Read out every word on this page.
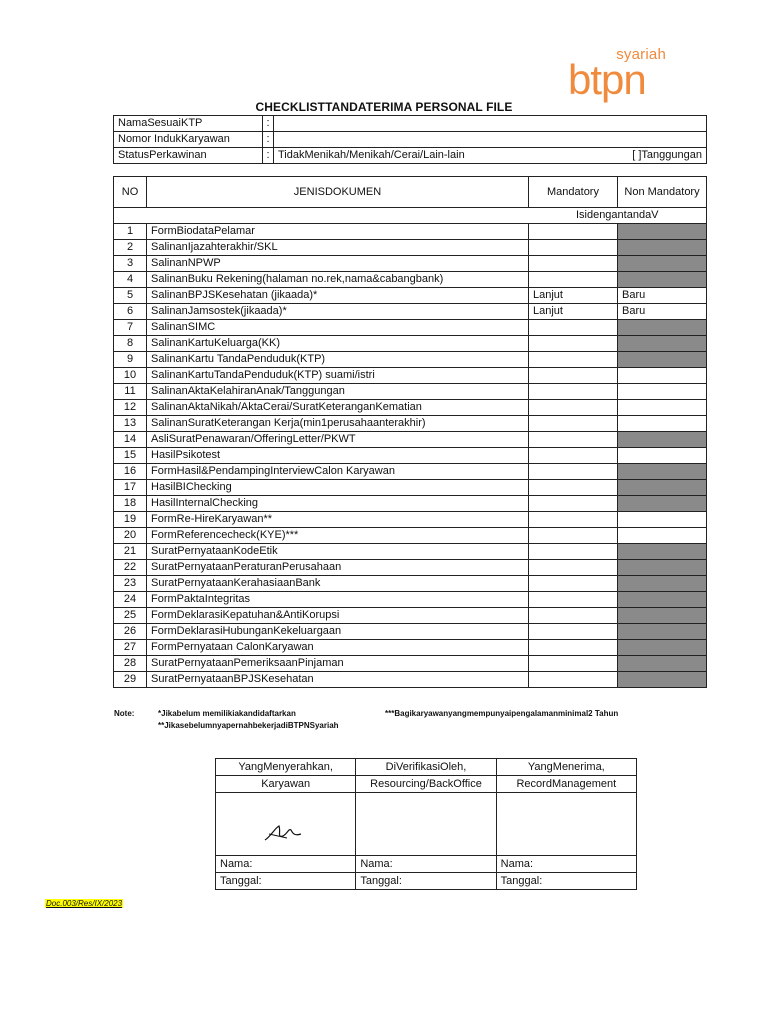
syariah
btpn
CHECKLISTTANDATERIMA PERSONAL FILE
NamaSesuaiKTP	:	
Nomor IndukKaryawan	:	
StatusPerkawinan	:	TidakMenikah/Menikah/Cerai/Lain-lain [ ]Tanggungan
NO	JENISDOKUMEN	Mandatory	Non Mandatory
		IsidengantandaV	
1	FormBiodataPelamar		
2	SalinanIjazahterakhir/SKL		
3	SalinanNPWP		
4	SalinanBuku Rekening(halaman no.rek,nama&cabangbank)		
5	SalinanBPJSKesehatan (jikaada)*	Lanjut	Baru
6	SalinanJamsostek(jikaada)*	Lanjut	Baru
7	SalinanSIMC		
8	SalinanKartuKeluarga(KK)		
9	SalinanKartu TandaPenduduk(KTP)		
10	SalinanKartuTandaPenduduk(KTP) suami/istri		
11	SalinanAktaKelahiranAnak/Tanggungan		
12	SalinanAktaNikah/AktaCerai/SuratKeteranganKematian		
13	SalinanSuratKeterangan Kerja(min1perusahaanterakhir)		
14	AsliSuratPenawaran/OfferingLetter/PKWT		
15	HasilPsikotest		
16	FormHasil&PendampingInterviewCalon Karyawan		
17	HasilBIChecking		
18	HasilInternalChecking		
19	FormRe-HireKaryawan**		
20	FormReferencecheck(KYE)***		
21	SuratPernyataanKodeEtik		
22	SuratPernyataanPeraturanPerusahaan		
23	SuratPernyataanKerahasiaanBank		
24	FormPaktaIntegritas		
25	FormDeklarasiKepatuhan&AntiKorupsi		
26	FormDeklarasiHubunganKekeluargaan		
27	FormPernyataan CalonKaryawan		
28	SuratPernyataanPemeriksaanPinjaman		
29	SuratPernyataanBPJSKesehatan		
Note:	*Jikabelum memilikiakandidaftarkan
**JikasebelumnyapernahbekerjadiBTPNSyariah
***Bagikaryawanyangmempunyaipengalamanminimal2 Tahun
YangMenyerahkan,	DiVerifikasiOleh,	YangMenerima,
Karyawan	Resourcing/BackOffice	RecordManagement

Nama:	Nama:	Nama:
Tanggal:	Tanggal:	Tanggal:
Doc.003/Res/IX/2023
